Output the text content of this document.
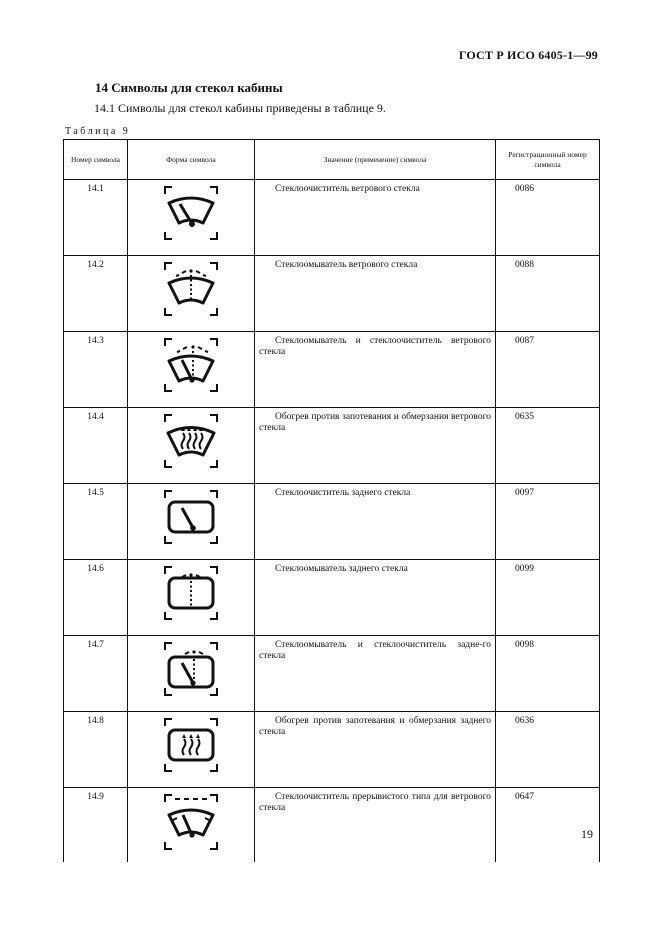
ГОСТ Р ИСО 6405-1—99
14 Символы для стекол кабины
14.1 Символы для стекол кабины приведены в таблице 9.
Таблица 9
Номер символа	Форма символа	Значение (применение) символа	Регистрационный номер символа
14.1		Стеклоочиститель ветрового стекла	0086
14.2		Стеклоомыватель ветрового стекла	0088
14.3		Стеклоомыватель и стеклоочиститель ветрового стекла	0087
14.4		Обогрев против запотевания и обмерзания ветрового стекла	0635
14.5		Стеклоочиститель заднего стекла	0097
14.6		Стеклоомыватель заднего стекла	0099
14.7		Стеклоомыватель и стеклоочиститель задне-го стекла	0098
14.8		Обогрев против запотевания и обмерзания заднего стекла	0636
14.9		Стеклоочиститель прерывистого типа для ветрового стекла	0647
19
